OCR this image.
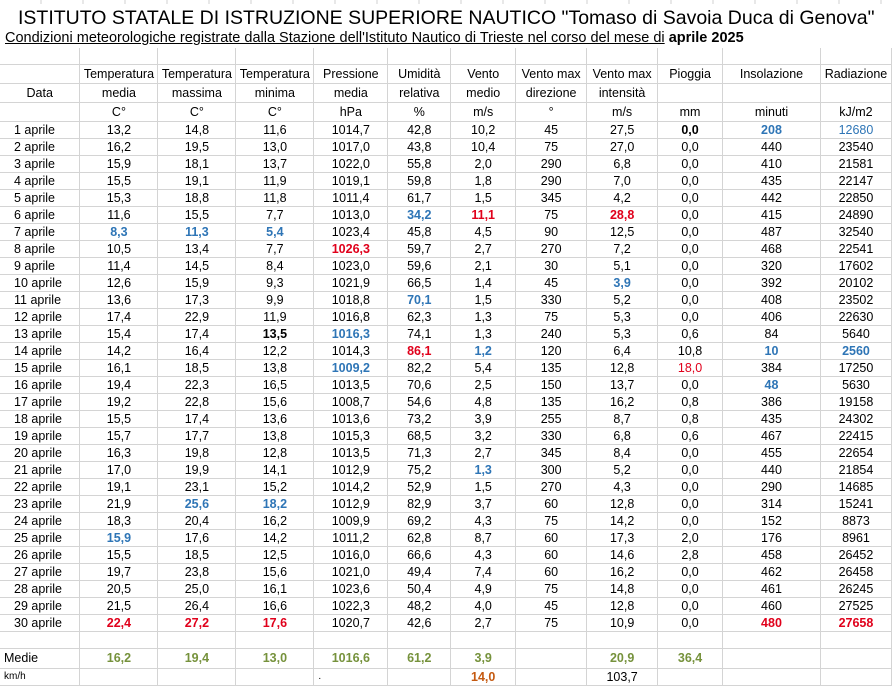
ISTITUTO STATALE DI ISTRUZIONE SUPERIORE NAUTICO "Tomaso di Savoia Duca di Genova"
Condizioni meteorologiche registrate dalla Stazione dell'Istituto Nautico di Trieste nel corso del mese di aprile 2025

	Temperatura	Temperatura	Temperatura	Pressione	Umidità	Vento	Vento max	Vento max	Pioggia	Insolazione	Radiazione
Data	media	massima	minima	media	relativa	medio	direzione	intensità			
	C°	C°	C°	hPa	%	m/s	°	m/s	mm	minuti	kJ/m2
1 aprile	13,2	14,8	11,6	1014,7	42,8	10,2	45	27,5	0,0	208	12680
2 aprile	16,2	19,5	13,0	1017,0	43,8	10,4	75	27,0	0,0	440	23540
3 aprile	15,9	18,1	13,7	1022,0	55,8	2,0	290	6,8	0,0	410	21581
4 aprile	15,5	19,1	11,9	1019,1	59,8	1,8	290	7,0	0,0	435	22147
5 aprile	15,3	18,8	11,8	1011,4	61,7	1,5	345	4,2	0,0	442	22850
6 aprile	11,6	15,5	7,7	1013,0	34,2	11,1	75	28,8	0,0	415	24890
7 aprile	8,3	11,3	5,4	1023,4	45,8	4,5	90	12,5	0,0	487	32540
8 aprile	10,5	13,4	7,7	1026,3	59,7	2,7	270	7,2	0,0	468	22541
9 aprile	11,4	14,5	8,4	1023,0	59,6	2,1	30	5,1	0,0	320	17602
10 aprile	12,6	15,9	9,3	1021,9	66,5	1,4	45	3,9	0,0	392	20102
11 aprile	13,6	17,3	9,9	1018,8	70,1	1,5	330	5,2	0,0	408	23502
12 aprile	17,4	22,9	11,9	1016,8	62,3	1,3	75	5,3	0,0	406	22630
13 aprile	15,4	17,4	13,5	1016,3	74,1	1,3	240	5,3	0,6	84	5640
14 aprile	14,2	16,4	12,2	1014,3	86,1	1,2	120	6,4	10,8	10	2560
15 aprile	16,1	18,5	13,8	1009,2	82,2	5,4	135	12,8	18,0	384	17250
16 aprile	19,4	22,3	16,5	1013,5	70,6	2,5	150	13,7	0,0	48	5630
17 aprile	19,2	22,8	15,6	1008,7	54,6	4,8	135	16,2	0,8	386	19158
18 aprile	15,5	17,4	13,6	1013,6	73,2	3,9	255	8,7	0,8	435	24302
19 aprile	15,7	17,7	13,8	1015,3	68,5	3,2	330	6,8	0,6	467	22415
20 aprile	16,3	19,8	12,8	1013,5	71,3	2,7	345	8,4	0,0	455	22654
21 aprile	17,0	19,9	14,1	1012,9	75,2	1,3	300	5,2	0,0	440	21854
22 aprile	19,1	23,1	15,2	1014,2	52,9	1,5	270	4,3	0,0	290	14685
23 aprile	21,9	25,6	18,2	1012,9	82,9	3,7	60	12,8	0,0	314	15241
24 aprile	18,3	20,4	16,2	1009,9	69,2	4,3	75	14,2	0,0	152	8873
25 aprile	15,9	17,6	14,2	1011,2	62,8	8,7	60	17,3	2,0	176	8961
26 aprile	15,5	18,5	12,5	1016,0	66,6	4,3	60	14,6	2,8	458	26452
27 aprile	19,7	23,8	15,6	1021,0	49,4	7,4	60	16,2	0,0	462	26458
28 aprile	20,5	25,0	16,1	1023,6	50,4	4,9	75	14,8	0,0	461	26245
29 aprile	21,5	26,4	16,6	1022,3	48,2	4,0	45	12,8	0,0	460	27525
30 aprile	22,4	27,2	17,6	1020,7	42,6	2,7	75	10,9	0,0	480	27658

Medie	16,2	19,4	13,0	1016,6	61,2	3,9		20,9	36,4		
km/h				.		14,0		103,7			
